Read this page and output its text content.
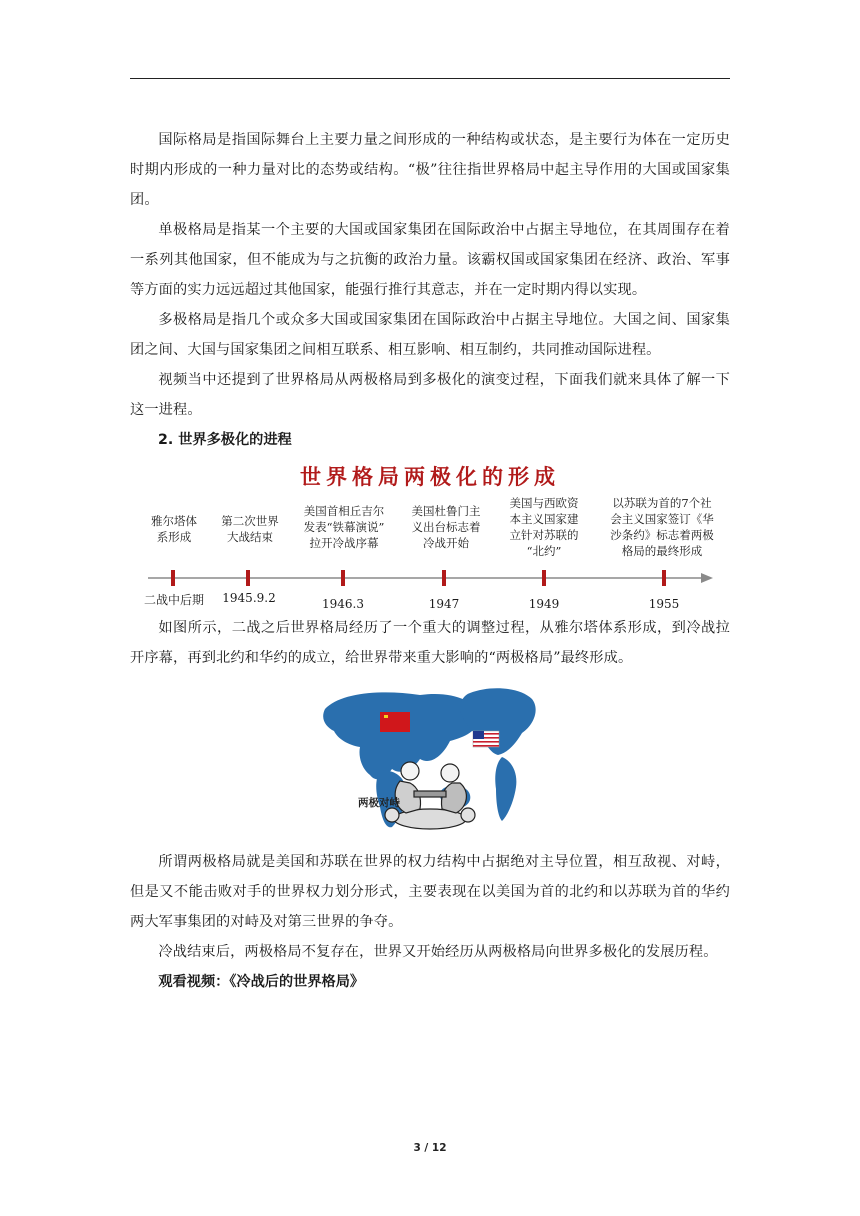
国际格局是指国际舞台上主要力量之间形成的一种结构或状态，是主要行为体在一定历史时期内形成的一种力量对比的态势或结构。“极”往往指世界格局中起主导作用的大国或国家集团。

单极格局是指某一个主要的大国或国家集团在国际政治中占据主导地位，在其周围存在着一系列其他国家，但不能成为与之抗衡的政治力量。该霸权国或国家集团在经济、政治、军事等方面的实力远远超过其他国家，能强行推行其意志，并在一定时期内得以实现。

多极格局是指几个或众多大国或国家集团在国际政治中占据主导地位。大国之间、国家集团之间、大国与国家集团之间相互联系、相互影响、相互制约，共同推动国际进程。

视频当中还提到了世界格局从两极格局到多极化的演变过程，下面我们就来具体了解一下这一进程。

2. 世界多极化的进程

世界格局两极化的形成
雅尔塔体
系形成
第二次世界
大战结束
美国首相丘吉尔
发表“铁幕演说”
拉开冷战序幕
美国杜鲁门主
义出台标志着
冷战开始
美国与西欧资
本主义国家建
立针对苏联的
“北约”
以苏联为首的7个社
会主义国家签订《华
沙条约》标志着两极
格局的最终形成
二战中后期	1945.9.2	1946.3	1947	1949	1955

如图所示，二战之后世界格局经历了一个重大的调整过程，从雅尔塔体系形成，到冷战拉开序幕，再到北约和华约的成立，给世界带来重大影响的“两极格局”最终形成。

两极对峙

所谓两极格局就是美国和苏联在世界的权力结构中占据绝对主导位置，相互敌视、对峙，但是又不能击败对手的世界权力划分形式，主要表现在以美国为首的北约和以苏联为首的华约两大军事集团的对峙及对第三世界的争夺。

冷战结束后，两极格局不复存在，世界又开始经历从两极格局向世界多极化的发展历程。

观看视频：《冷战后的世界格局》

3 / 12
